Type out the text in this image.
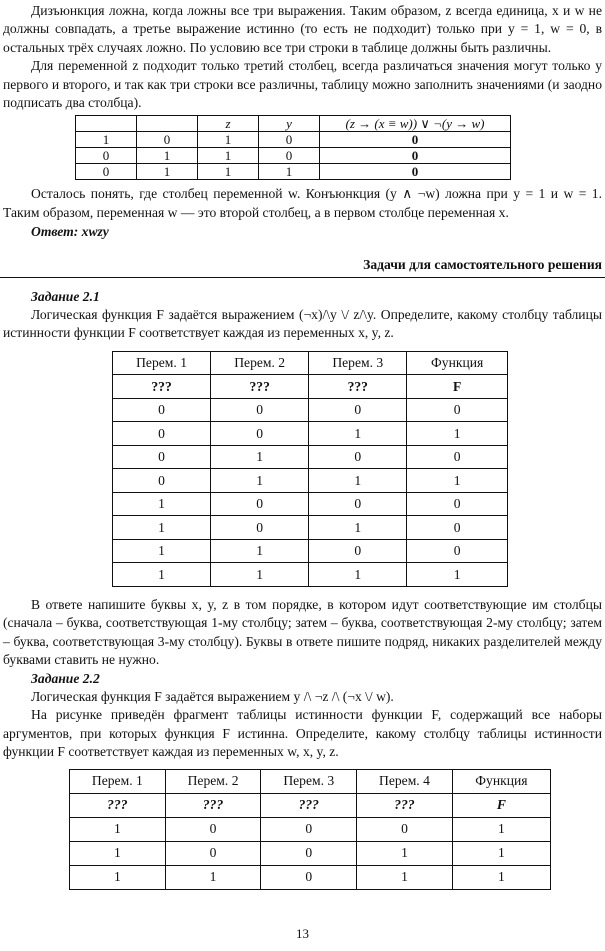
Дизъюнкция ложна, когда ложны все три выражения. Таким образом, z всегда единица, x и w не должны совпадать, а третье выражение истинно (то есть не подходит) только при y = 1, w = 0, в остальных трёх случаях ложно. По условию все три строки в таблице должны быть различны.

Для переменной z подходит только третий столбец, всегда различаться значения могут только у первого и второго, и так как три строки все различны, таблицу можно заполнить значениями (и заодно подписать два столбца).

		z	y	(z → (x ≡ w)) ∨ ¬(y → w)
1	0	1	0	0
0	1	1	0	0
0	1	1	1	0

Осталось понять, где столбец переменной w. Конъюнкция (y ∧ ¬w) ложна при y = 1 и w = 1. Таким образом, переменная w — это второй столбец, а в первом столбце переменная x.

Ответ: xwzy

Задачи для самостоятельного решения

Задание 2.1

Логическая функция F задаётся выражением (¬x)/\y \/ z/\y. Определите, какому столбцу таблицы истинности функции F соответствует каждая из переменных x, y, z.

Перем. 1	Перем. 2	Перем. 3	Функция
???	???	???	F
0	0	0	0
0	0	1	1
0	1	0	0
0	1	1	1
1	0	0	0
1	0	1	0
1	1	0	0
1	1	1	1

В ответе напишите буквы x, y, z в том порядке, в котором идут соответствующие им столбцы (сначала – буква, соответствующая 1-му столбцу; затем – буква, соответствующая 2-му столбцу; затем – буква, соответствующая 3-му столбцу). Буквы в ответе пишите подряд, никаких разделителей между буквами ставить не нужно.

Задание 2.2

Логическая функция F задаётся выражением y /\ ¬z /\ (¬x \/ w).

На рисунке приведён фрагмент таблицы истинности функции F, содержащий все наборы аргументов, при которых функция F истинна. Определите, какому столбцу таблицы истинности функции F соответствует каждая из переменных w, x, y, z.

Перем. 1	Перем. 2	Перем. 3	Перем. 4	Функция
???	???	???	???	F
1	0	0	0	1
1	0	0	1	1
1	1	0	1	1
13
